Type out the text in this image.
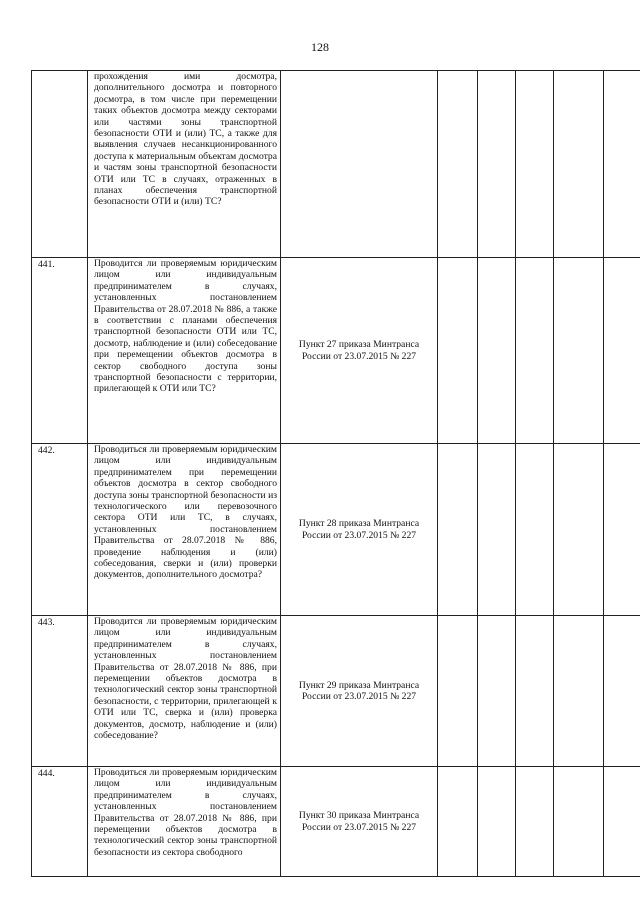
128
	прохождения ими досмотра, дополнительного досмотра и повторного досмотра, в том числе при перемещении таких объектов досмотра между секторами или частями зоны транспортной безопасности ОТИ и (или) ТС, а также для выявления случаев несанкционированного доступа к материальным объектам досмотра и частям зоны транспортной безопасности ОТИ или ТС в случаях, отраженных в планах обеспечения транспортной безопасности ОТИ и (или) ТС?						
441.	Проводится ли проверяемым юридическим лицом или индивидуальным предпринимателем в случаях, установленных постановлением Правительства от 28.07.2018 № 886, а также в соответствии с планами обеспечения транспортной безопасности ОТИ или ТС, досмотр, наблюдение и (или) собеседование при перемещении объектов досмотра в сектор свободного доступа зоны транспортной безопасности с территории, прилегающей к ОТИ или ТС?	Пункт 27 приказа Минтранса России от 23.07.2015 № 227					
442.	Проводиться ли проверяемым юридическим лицом или индивидуальным предпринимателем при перемещении объектов досмотра в сектор свободного доступа зоны транспортной безопасности из технологического или перевозочного сектора ОТИ или ТС, в случаях, установленных постановлением Правительства от 28.07.2018 № 886, проведение наблюдения и (или) собеседования, сверки и (или) проверки документов, дополнительного досмотра?	Пункт 28 приказа Минтранса России от 23.07.2015 № 227					
443.	Проводится ли проверяемым юридическим лицом или индивидуальным предпринимателем в случаях, установленных постановлением Правительства от 28.07.2018 № 886, при перемещении объектов досмотра в технологический сектор зоны транспортной безопасности, с территории, прилегающей к ОТИ или ТС, сверка и (или) проверка документов, досмотр, наблюдение и (или) собеседование?	Пункт 29 приказа Минтранса России от 23.07.2015 № 227					
444.	Проводиться ли проверяемым юридическим лицом или индивидуальным предпринимателем в случаях, установленных постановлением Правительства от 28.07.2018 № 886, при перемещении объектов досмотра в технологический сектор зоны транспортной безопасности из сектора свободного	Пункт 30 приказа Минтранса России от 23.07.2015 № 227					
